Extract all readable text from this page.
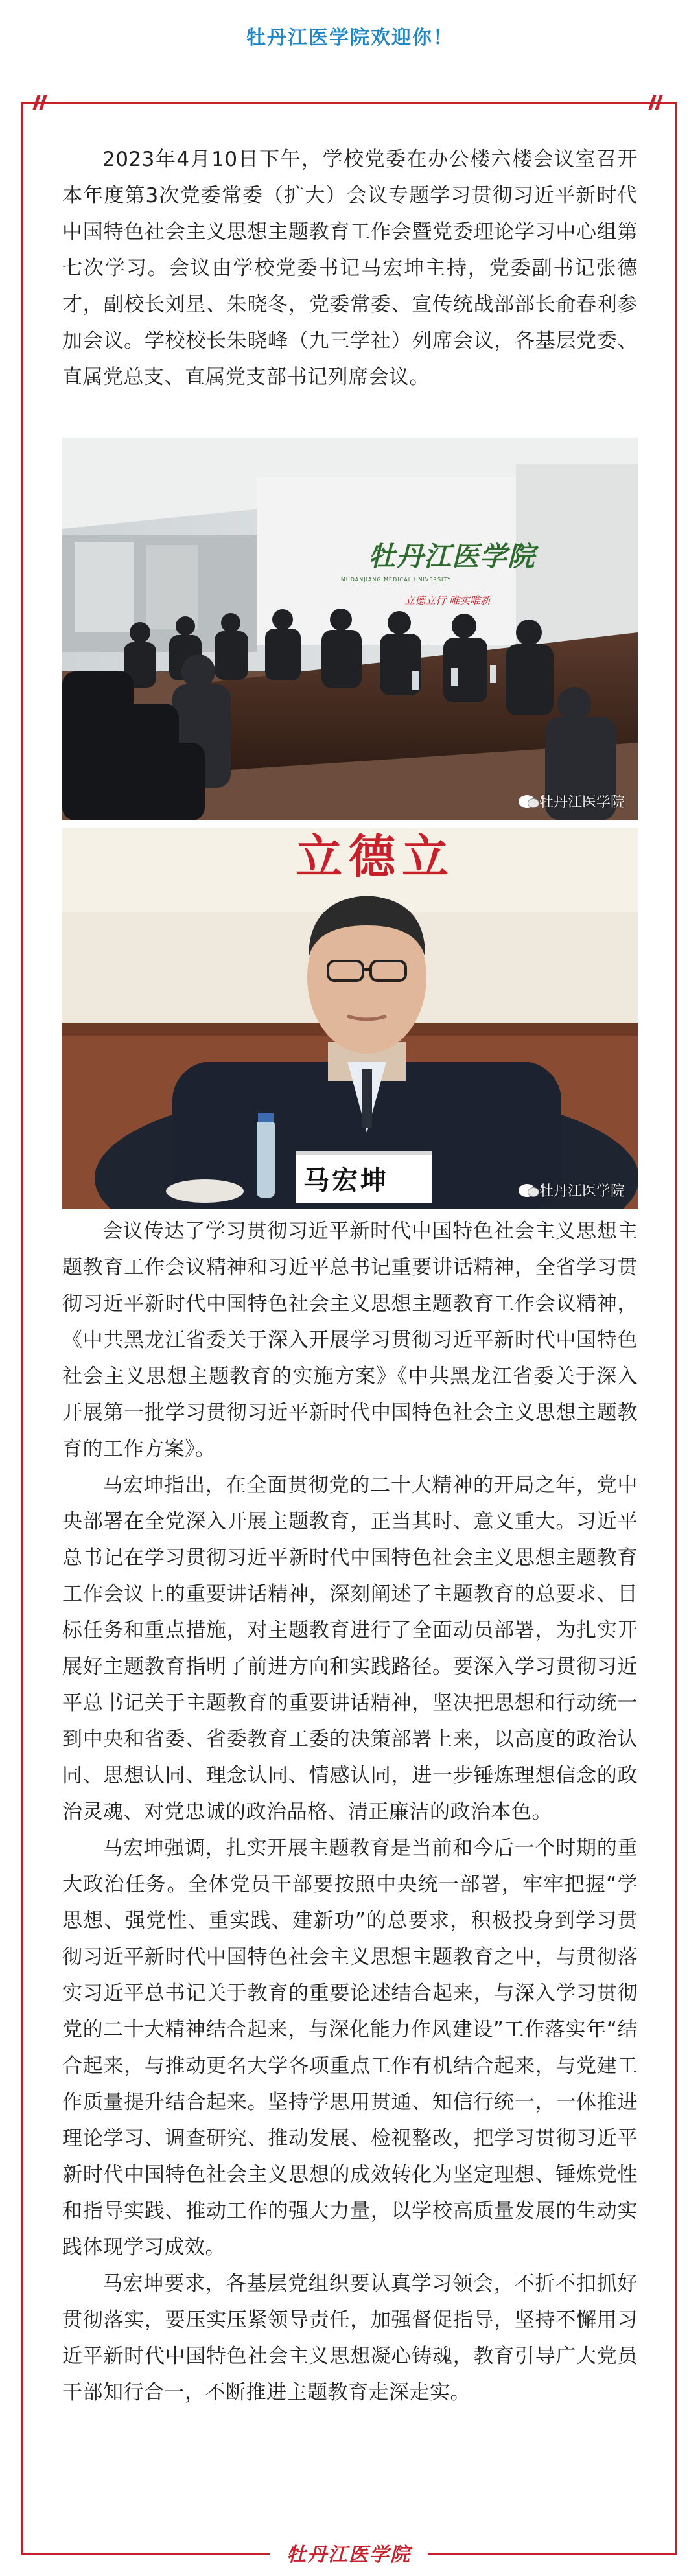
牡丹江医学院欢迎你！

2023年4月10日下午，学校党委在办公楼六楼会议室召开本年度第3次党委常委（扩大）会议专题学习贯彻习近平新时代中国特色社会主义思想主题教育工作会暨党委理论学习中心组第七次学习。会议由学校党委书记马宏坤主持，党委副书记张德才，副校长刘星、朱晓冬，党委常委、宣传统战部部长俞春利参加会议。学校校长朱晓峰（九三学社）列席会议，各基层党委、直属党总支、直属党支部书记列席会议。

牡丹江医学院
MUDANJIANG MEDICAL UNIVERSITY
立德立行 唯实唯新
牡丹江医学院
立德立
马宏坤	牡丹江医学院

会议传达了学习贯彻习近平新时代中国特色社会主义思想主题教育工作会议精神和习近平总书记重要讲话精神，全省学习贯彻习近平新时代中国特色社会主义思想主题教育工作会议精神，《中共黑龙江省委关于深入开展学习贯彻习近平新时代中国特色社会主义思想主题教育的实施方案》《中共黑龙江省委关于深入开展第一批学习贯彻习近平新时代中国特色社会主义思想主题教育的工作方案》。

马宏坤指出，在全面贯彻党的二十大精神的开局之年，党中央部署在全党深入开展主题教育，正当其时、意义重大。习近平总书记在学习贯彻习近平新时代中国特色社会主义思想主题教育工作会议上的重要讲话精神，深刻阐述了主题教育的总要求、目标任务和重点措施，对主题教育进行了全面动员部署，为扎实开展好主题教育指明了前进方向和实践路径。要深入学习贯彻习近平总书记关于主题教育的重要讲话精神，坚决把思想和行动统一到中央和省委、省委教育工委的决策部署上来，以高度的政治认同、思想认同、理念认同、情感认同，进一步锤炼理想信念的政治灵魂、对党忠诚的政治品格、清正廉洁的政治本色。

马宏坤强调，扎实开展主题教育是当前和今后一个时期的重大政治任务。全体党员干部要按照中央统一部署，牢牢把握“学思想、强党性、重实践、建新功”的总要求，积极投身到学习贯彻习近平新时代中国特色社会主义思想主题教育之中，与贯彻落实习近平总书记关于教育的重要论述结合起来，与深入学习贯彻党的二十大精神结合起来，与深化能力作风建设”工作落实年“结合起来，与推动更名大学各项重点工作有机结合起来，与党建工作质量提升结合起来。坚持学思用贯通、知信行统一，一体推进理论学习、调查研究、推动发展、检视整改，把学习贯彻习近平新时代中国特色社会主义思想的成效转化为坚定理想、锤炼党性和指导实践、推动工作的强大力量，以学校高质量发展的生动实践体现学习成效。

马宏坤要求，各基层党组织要认真学习领会，不折不扣抓好贯彻落实，要压实压紧领导责任，加强督促指导，坚持不懈用习近平新时代中国特色社会主义思想凝心铸魂，教育引导广大党员干部知行合一，不断推进主题教育走深走实。

牡丹江医学院
